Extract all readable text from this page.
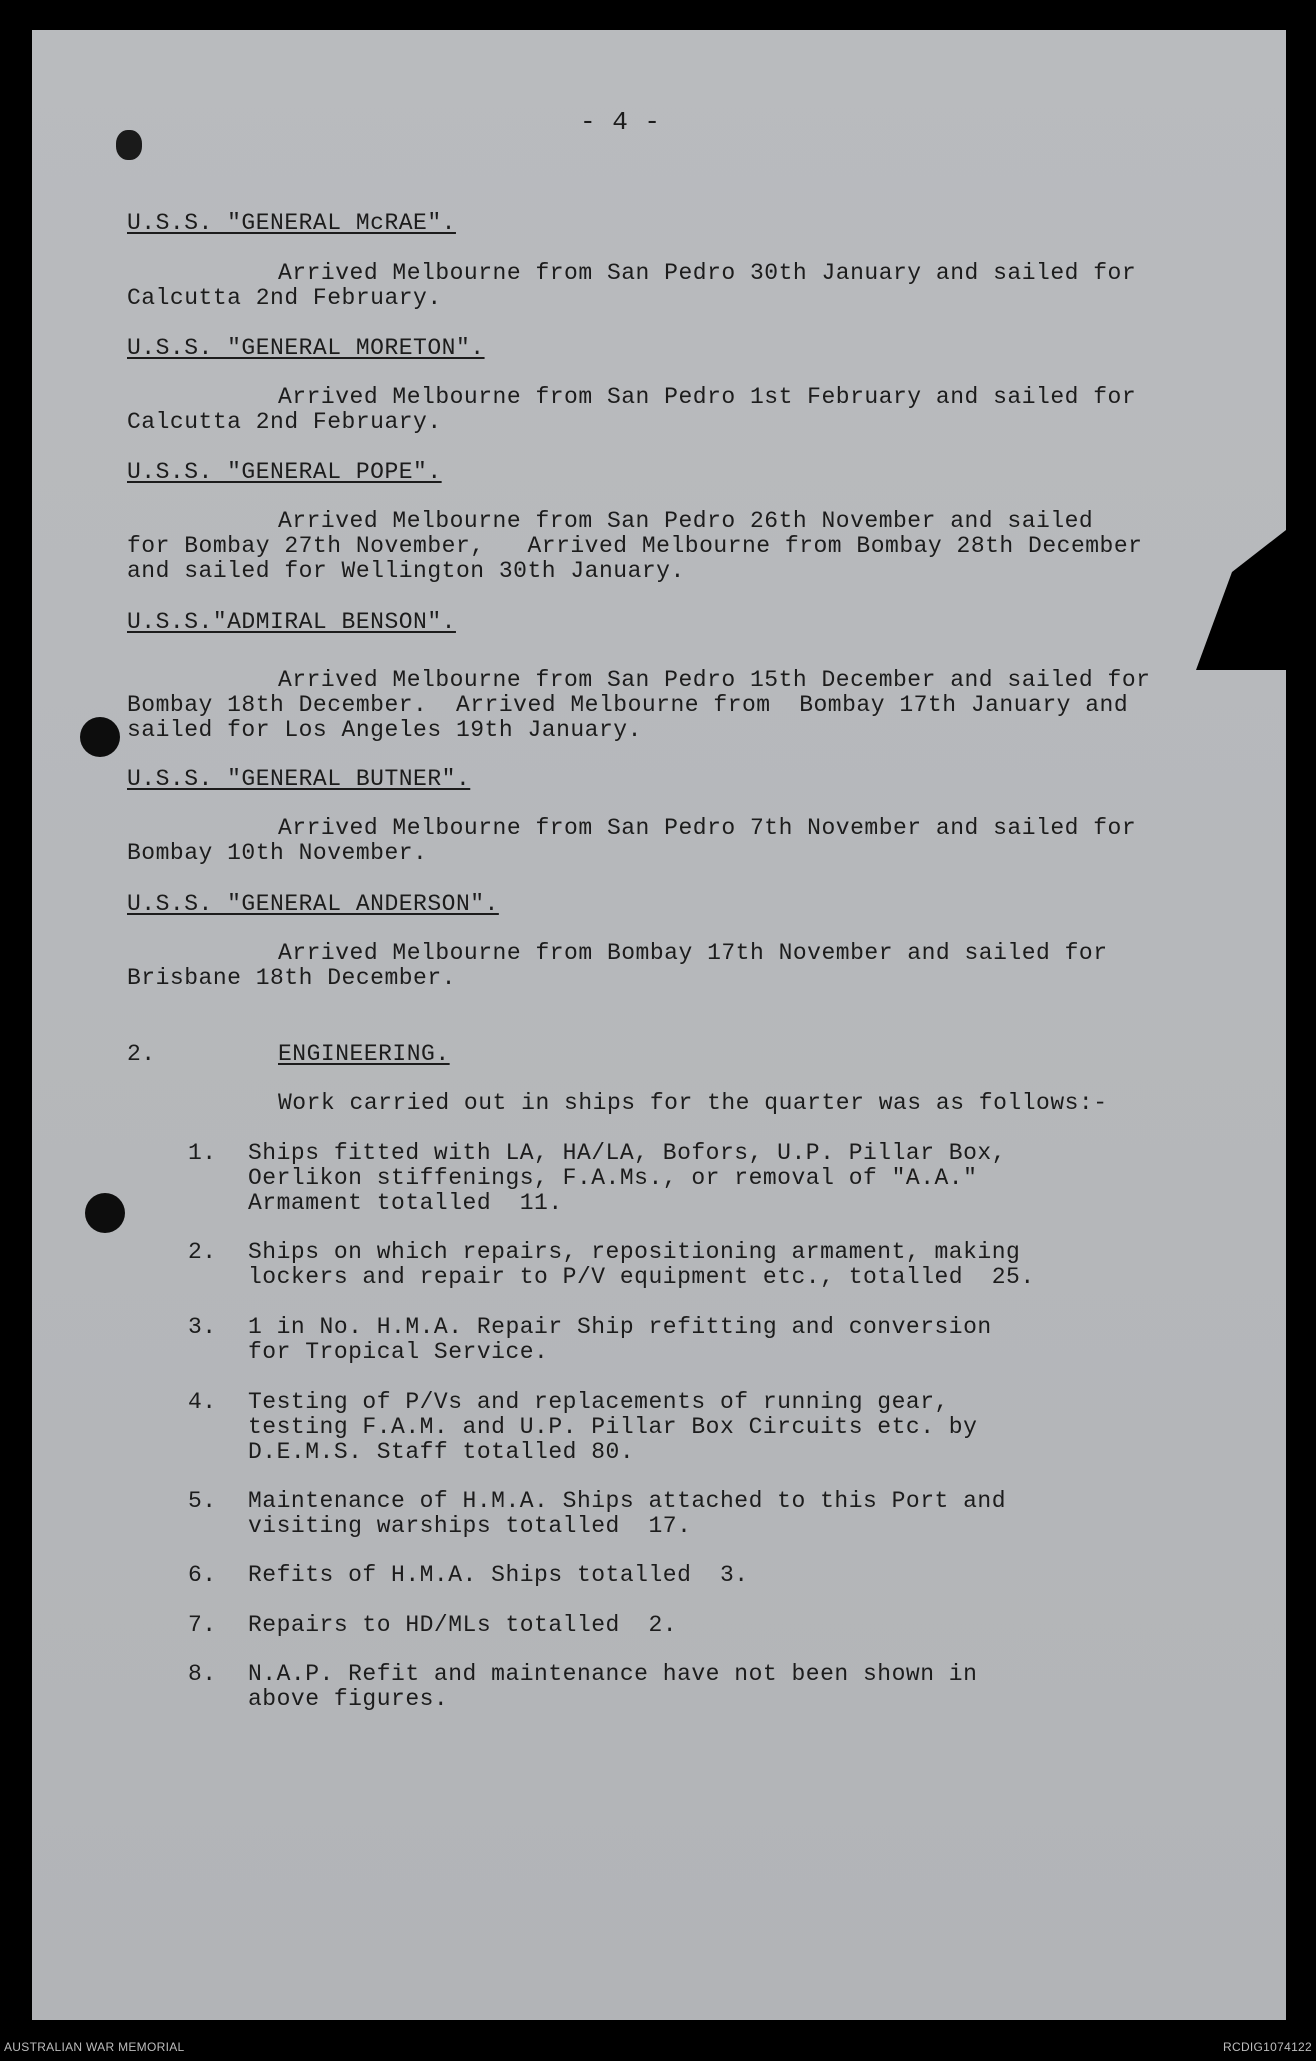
- 4 -
U.S.S. "GENERAL McRAE".
Arrived Melbourne from San Pedro 30th January and sailed for
Calcutta 2nd February.
U.S.S. "GENERAL MORETON".
Arrived Melbourne from San Pedro 1st February and sailed for
Calcutta 2nd February.
U.S.S. "GENERAL POPE".
Arrived Melbourne from San Pedro 26th November and sailed
for Bombay 27th November,   Arrived Melbourne from Bombay 28th December
and sailed for Wellington 30th January.
U.S.S."ADMIRAL BENSON".
Arrived Melbourne from San Pedro 15th December and sailed for
Bombay 18th December.  Arrived Melbourne from  Bombay 17th January and
sailed for Los Angeles 19th January.
U.S.S. "GENERAL BUTNER".
Arrived Melbourne from San Pedro 7th November and sailed for
Bombay 10th November.
U.S.S. "GENERAL ANDERSON".
Arrived Melbourne from Bombay 17th November and sailed for
Brisbane 18th December.
2.	ENGINEERING.
Work carried out in ships for the quarter was as follows:-
1. Ships fitted with LA, HA/LA, Bofors, U.P. Pillar Box,
Oerlikon stiffenings, F.A.Ms., or removal of "A.A."
Armament totalled  11.
2. Ships on which repairs, repositioning armament, making
lockers and repair to P/V equipment etc., totalled  25.
3. 1 in No. H.M.A. Repair Ship refitting and conversion
for Tropical Service.
4. Testing of P/Vs and replacements of running gear,
testing F.A.M. and U.P. Pillar Box Circuits etc. by
D.E.M.S. Staff totalled 80.
5. Maintenance of H.M.A. Ships attached to this Port and
visiting warships totalled  17.
6. Refits of H.M.A. Ships totalled  3.
7. Repairs to HD/MLs totalled  2.
8. N.A.P. Refit and maintenance have not been shown in
above figures.
AUSTRALIAN WAR MEMORIAL	RCDIG1074122
